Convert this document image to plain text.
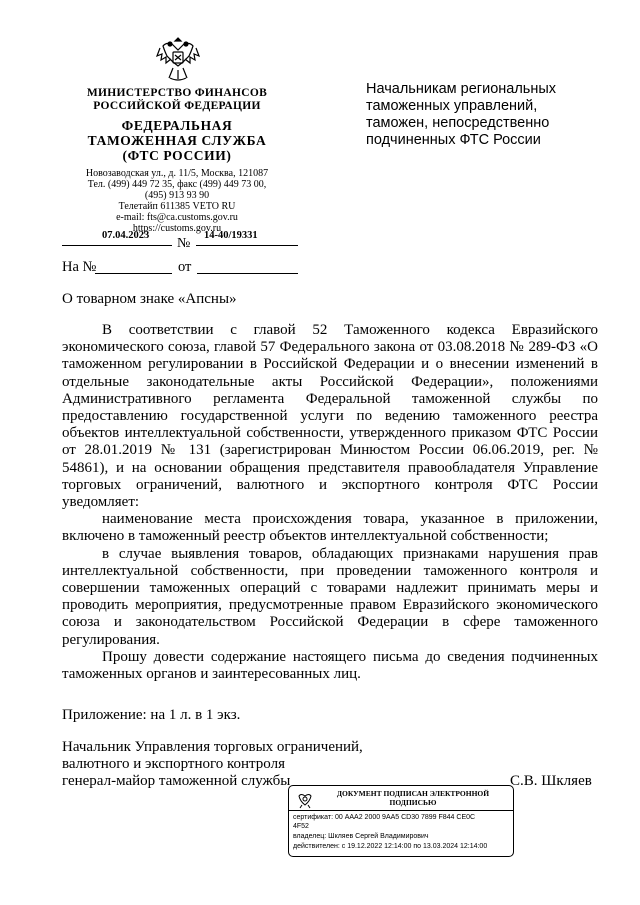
МИНИСТЕРСТВО ФИНАНСОВ
РОССИЙСКОЙ ФЕДЕРАЦИИ
ФЕДЕРАЛЬНАЯ
ТАМОЖЕННАЯ СЛУЖБА
(ФТС РОССИИ)
Новозаводская ул., д. 11/5, Москва, 121087
Тел. (499) 449 72 35, факс (499) 449 73 00,
(495) 913 93 90
Телетайп 611385 VETO RU
e-mail: fts@ca.customs.gov.ru
https://customs.gov.ru
07.04.2023
№
14-40/19331
На №	от
Начальникам региональных
таможенных управлений,
таможен, непосредственно
подчиненных ФТС России
О товарном знаке «Апсны»

В соответствии с главой 52 Таможенного кодекса Евразийского экономического союза, главой 57 Федерального закона от 03.08.2018 № 289-ФЗ «О таможенном регулировании в Российской Федерации и о внесении изменений в отдельные законодательные акты Российской Федерации», положениями Административного регламента Федеральной таможенной службы по предоставлению государственной услуги по ведению таможенного реестра объектов интеллектуальной собственности, утвержденного приказом ФТС России от 28.01.2019 № 131 (зарегистрирован Минюстом России 06.06.2019, рег. № 54861), и на основании обращения представителя правообладателя Управление торговых ограничений, валютного и экспортного контроля ФТС России уведомляет:

наименование места происхождения товара, указанное в приложении, включено в таможенный реестр объектов интеллектуальной собственности;

в случае выявления товаров, обладающих признаками нарушения прав интеллектуальной собственности, при проведении таможенного контроля и совершении таможенных операций с товарами надлежит принимать меры и проводить мероприятия, предусмотренные правом Евразийского экономического союза и законодательством Российской Федерации в сфере таможенного регулирования.

Прошу довести содержание настоящего письма до сведения подчиненных таможенных органов и заинтересованных лиц.

Приложение: на 1 л. в 1 экз.
Начальник Управления торговых ограничений,
валютного и экспортного контроля
генерал-майор таможенной службы	С.В. Шкляев
ДОКУМЕНТ ПОДПИСАН ЭЛЕКТРОННОЙ
ПОДПИСЬЮ
сертификат: 00 AAA2 2000 9AA5 CD30 7899 F844 CE0C
4F52
владелец: Шкляев Сергей Владимирович
действителен: с 19.12.2022 12:14:00 по 13.03.2024 12:14:00
